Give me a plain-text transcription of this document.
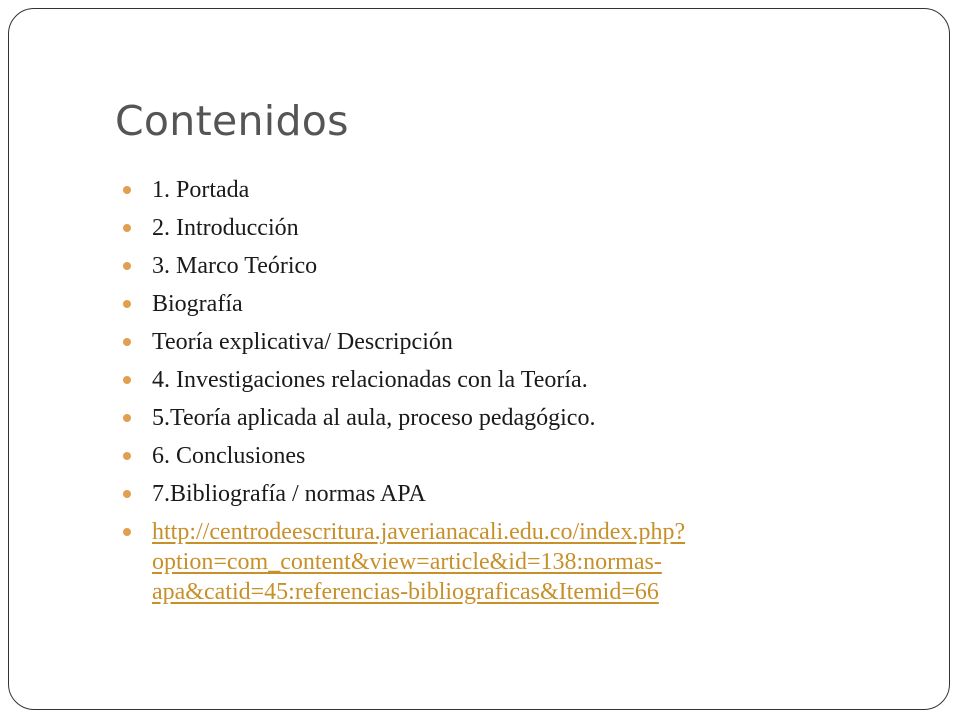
Contenidos
1. Portada
2. Introducción
3. Marco Teórico
Biografía
Teoría explicativa/ Descripción
4. Investigaciones relacionadas con la Teoría.
5.Teoría aplicada al aula, proceso pedagógico.
6. Conclusiones
7.Bibliografía / normas APA
http://centrodeescritura.javerianacali.edu.co/index.php?
option=com_content&view=article&id=138:normas-
apa&catid=45:referencias-bibliograficas&Itemid=66
